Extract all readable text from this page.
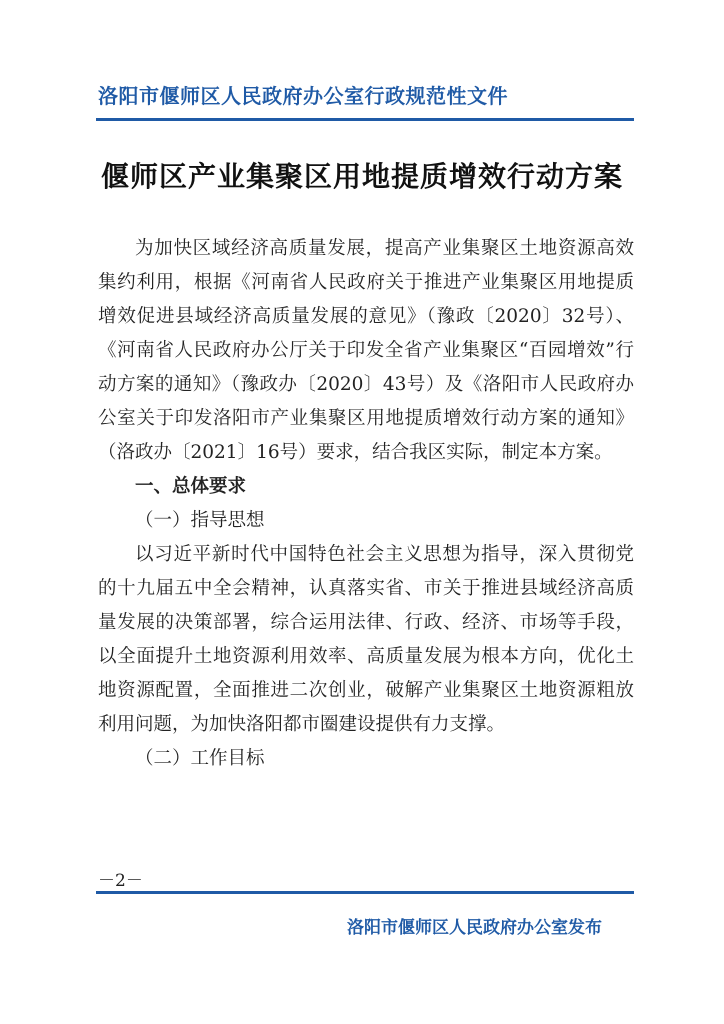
洛阳市偃师区人民政府办公室行政规范性文件
偃师区产业集聚区用地提质增效行动方案

为加快区域经济高质量发展，提高产业集聚区土地资源高效集约利用，根据《河南省人民政府关于推进产业集聚区用地提质增效促进县域经济高质量发展的意见》（豫政〔2020〕32号）、《河南省人民政府办公厅关于印发全省产业集聚区“百园增效”行动方案的通知》（豫政办〔2020〕43号）及《洛阳市人民政府办公室关于印发洛阳市产业集聚区用地提质增效行动方案的通知》（洛政办〔2021〕16号）要求，结合我区实际，制定本方案。

一、总体要求

（一）指导思想

以习近平新时代中国特色社会主义思想为指导，深入贯彻党的十九届五中全会精神，认真落实省、市关于推进县域经济高质量发展的决策部署，综合运用法律、行政、经济、市场等手段，以全面提升土地资源利用效率、高质量发展为根本方向，优化土地资源配置，全面推进二次创业，破解产业集聚区土地资源粗放利用问题，为加快洛阳都市圈建设提供有力支撑。

（二）工作目标

－2－
洛阳市偃师区人民政府办公室发布
